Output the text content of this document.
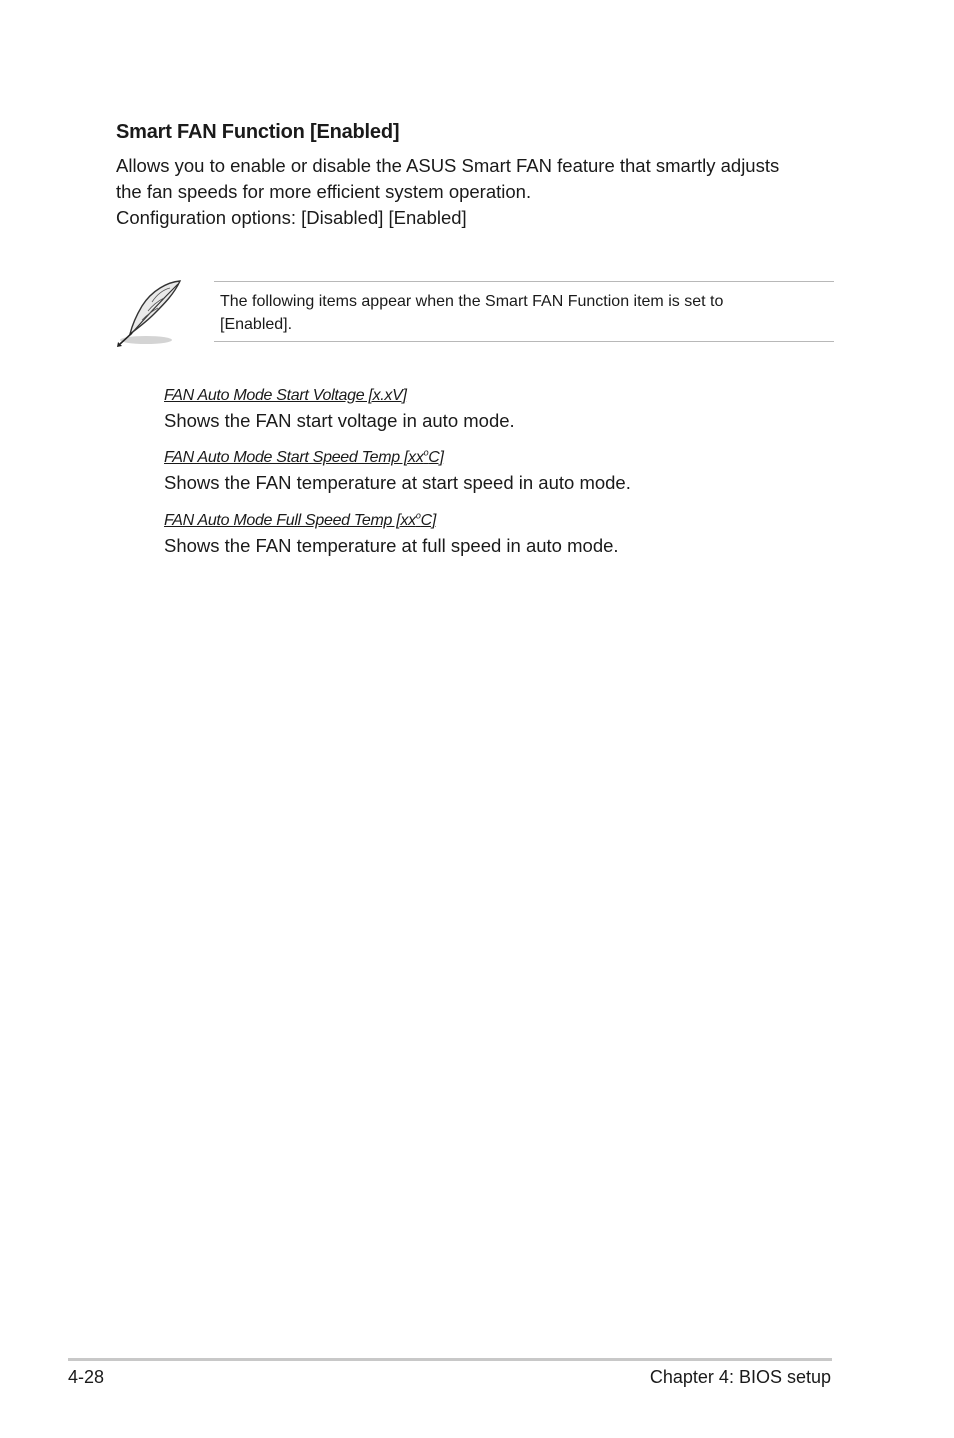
Smart FAN Function [Enabled]

Allows you to enable or disable the ASUS Smart FAN feature that smartly adjusts

the fan speeds for more efficient system operation.

Configuration options: [Disabled] [Enabled]

The following items appear when the Smart FAN Function item is set to
[Enabled].

FAN Auto Mode Start Voltage [x.xV]

Shows the FAN start voltage in auto mode.

FAN Auto Mode Start Speed Temp $[xx^oC]$

Shows the FAN temperature at start speed in auto mode.

FAN Auto Mode Full Speed Temp $[xx^oC]$

Shows the FAN temperature at full speed in auto mode.

4-28	Chapter 4: BIOS setup
